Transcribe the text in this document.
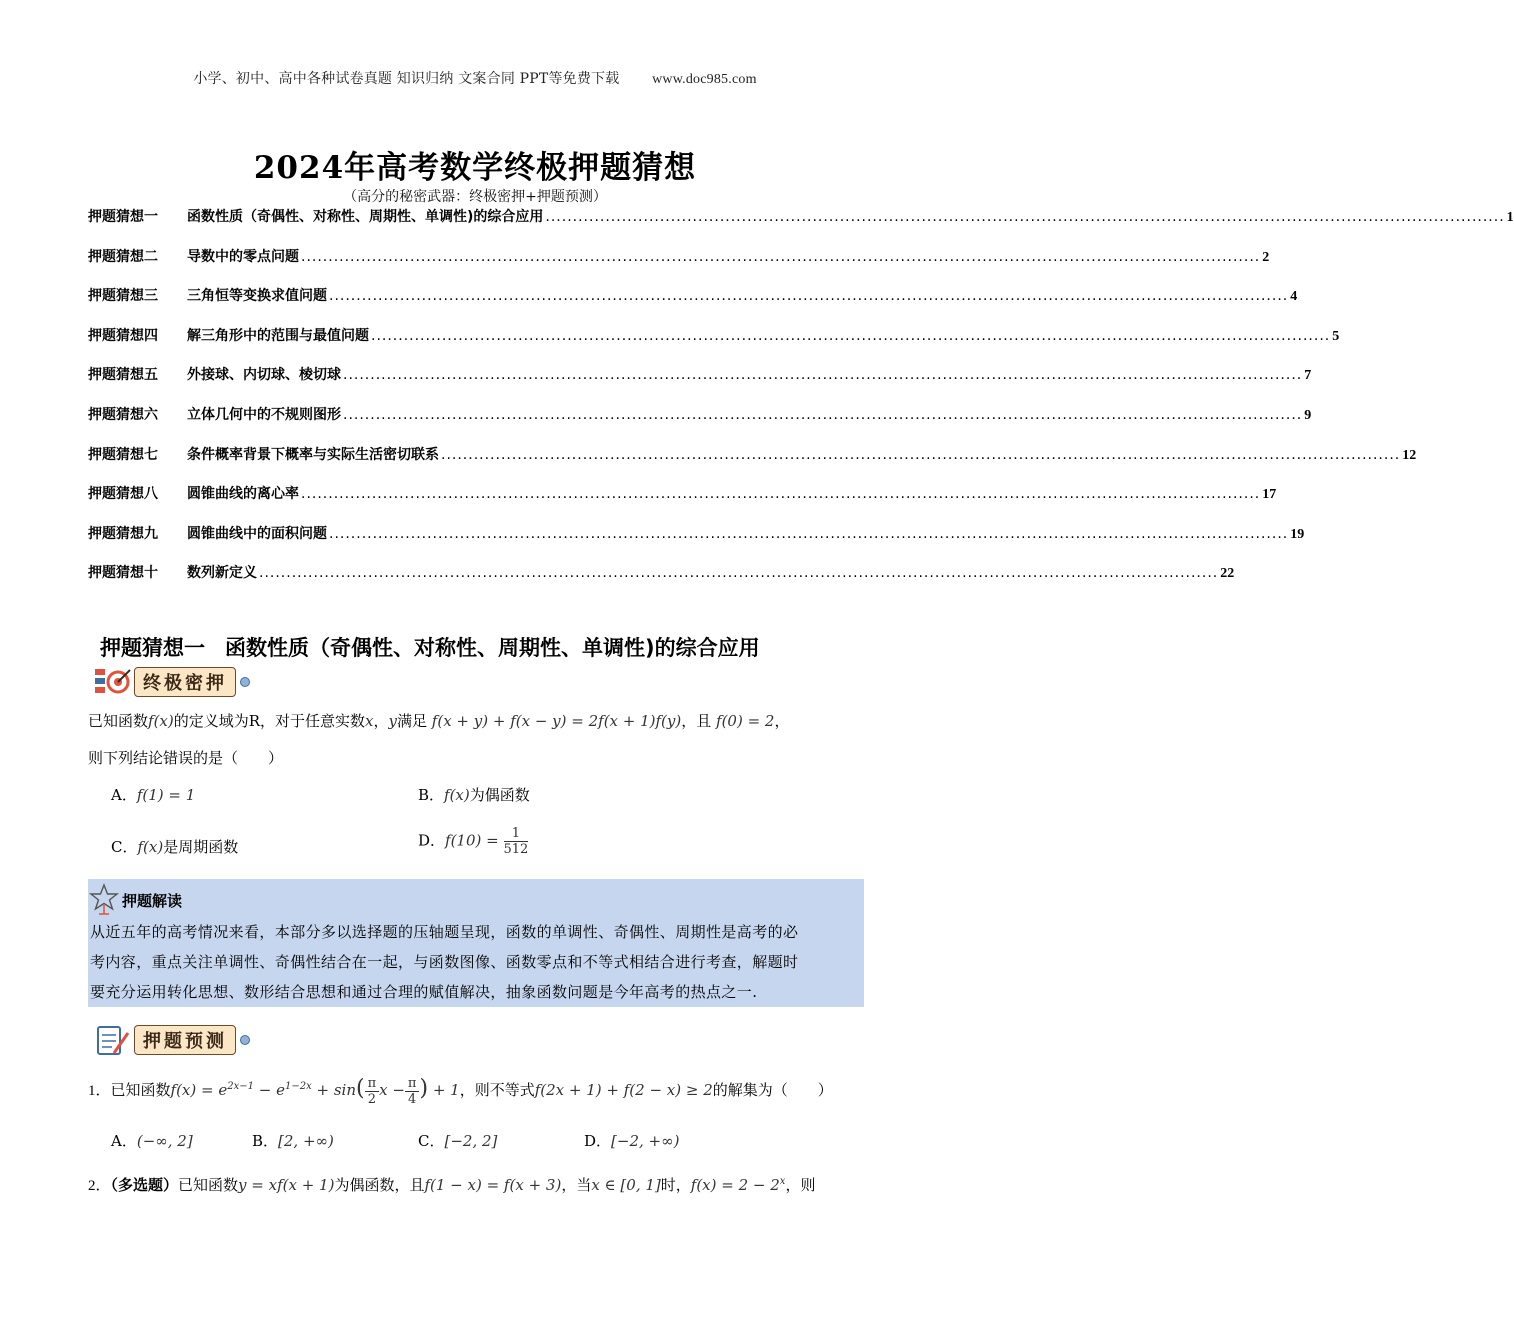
小学、初中、高中各种试卷真题 知识归纳 文案合同 PPT等免费下载 www.doc985.com
2024年高考数学终极押题猜想
（高分的秘密武器：终极密押+押题预测）
押题猜想一	函数性质（奇偶性、对称性、周期性、单调性)的综合应用 ................................................................................................................................................................................ 1
押题猜想二	导数中的零点问题 ................................................................................................................................................................................ 2
押题猜想三	三角恒等变换求值问题 ................................................................................................................................................................................ 4
押题猜想四	解三角形中的范围与最值问题 ................................................................................................................................................................................ 5
押题猜想五	外接球、内切球、棱切球 ................................................................................................................................................................................ 7
押题猜想六	立体几何中的不规则图形 ................................................................................................................................................................................ 9
押题猜想七	条件概率背景下概率与实际生活密切联系 ................................................................................................................................................................................ 12
押题猜想八	圆锥曲线的离心率 ................................................................................................................................................................................ 17
押题猜想九	圆锥曲线中的面积问题 ................................................................................................................................................................................ 19
押题猜想十	数列新定义 ................................................................................................................................................................................ 22
押题猜想一 函数性质（奇偶性、对称性、周期性、单调性)的综合应用
终极密押
已知函数f(x)的定义域为R，对于任意实数x，y满足 f(x + y) + f(x − y) = 2f(x + 1)f(y)，且 f(0) = 2，
则下列结论错误的是（　　）
A．f(1) = 1	B．f(x)为偶函数
C．f(x)是周期函数	D．$f(10) = \frac{1}{512}$
押题解读
从近五年的高考情况来看，本部分多以选择题的压轴题呈现，函数的单调性、奇偶性、周期性是高考的必
考内容，重点关注单调性、奇偶性结合在一起，与函数图像、函数零点和不等式相结合进行考查，解题时
要充分运用转化思想、数形结合思想和通过合理的赋值解决，抽象函数问题是今年高考的热点之一.
押题预测
1．已知函数$f(x) = e^{2x-1} - e^{1-2x} + \sin( \frac{\pi}{2}$ $x - \frac{\pi}{4}$ ) + 1，则不等式f(2x + 1) + f(2 − x) ≥ 2的解集为（　　）
A．(−∞, 2]	B．[2, +∞)	C．[−2, 2]	D．[−2, +∞)
2．（多选题）已知函数y = xf(x + 1)为偶函数，且f(1 − x) = f(x + 3)，当x ∈ [0, 1]时，$f(x) = 2 - 2^x$，则
